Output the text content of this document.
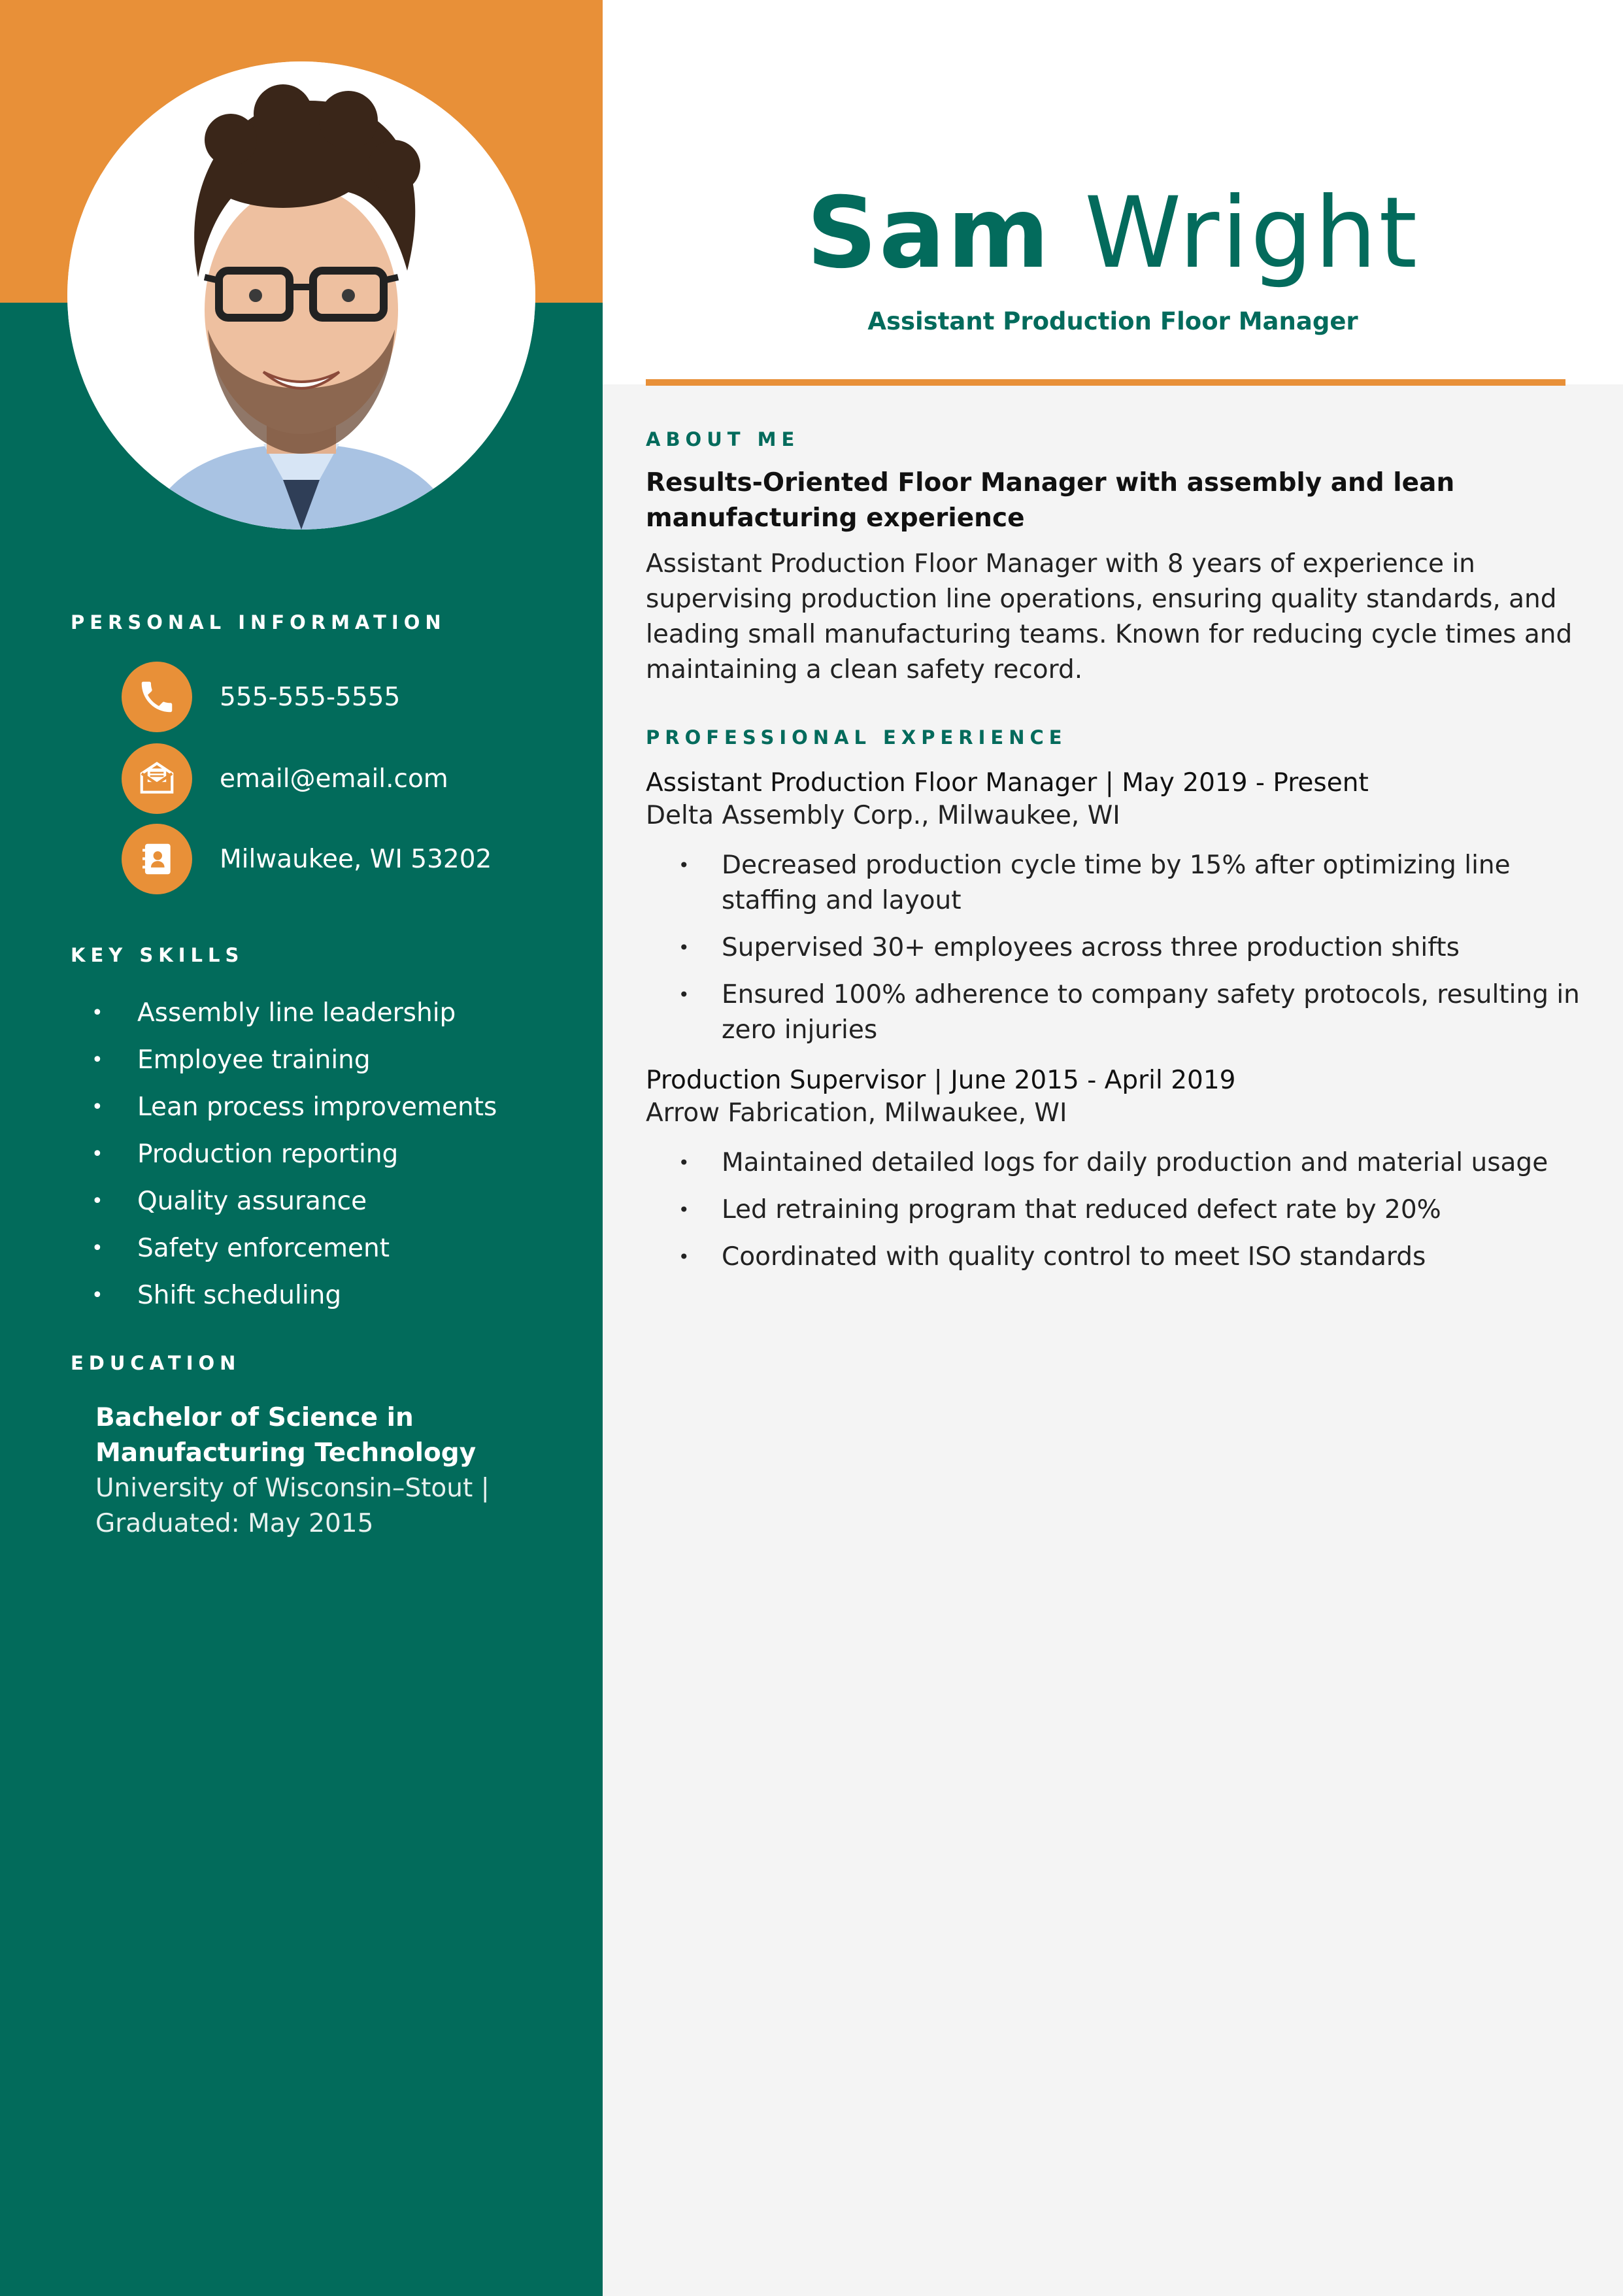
PERSONAL INFORMATION
555-555-5555
email@email.com
Milwaukee, WI 53202
KEY SKILLS
• Assembly line leadership
• Employee training
• Lean process improvements
• Production reporting
• Quality assurance
• Safety enforcement
• Shift scheduling
EDUCATION
Bachelor of Science in
Manufacturing Technology
University of Wisconsin–Stout |
Graduated: May 2015
Sam Wright
Assistant Production Floor Manager
ABOUT ME
Results-Oriented Floor Manager with assembly and lean manufacturing experience
Assistant Production Floor Manager with 8 years of experience in supervising production line operations, ensuring quality standards, and leading small manufacturing teams. Known for reducing cycle times and maintaining a clean safety record.
PROFESSIONAL EXPERIENCE
Assistant Production Floor Manager | May 2019 - Present
Delta Assembly Corp., Milwaukee, WI
• Decreased production cycle time by 15% after optimizing line staffing and layout
• Supervised 30+ employees across three production shifts
• Ensured 100% adherence to company safety protocols, resulting in zero injuries
Production Supervisor | June 2015 - April 2019
Arrow Fabrication, Milwaukee, WI
• Maintained detailed logs for daily production and material usage
• Led retraining program that reduced defect rate by 20%
• Coordinated with quality control to meet ISO standards
